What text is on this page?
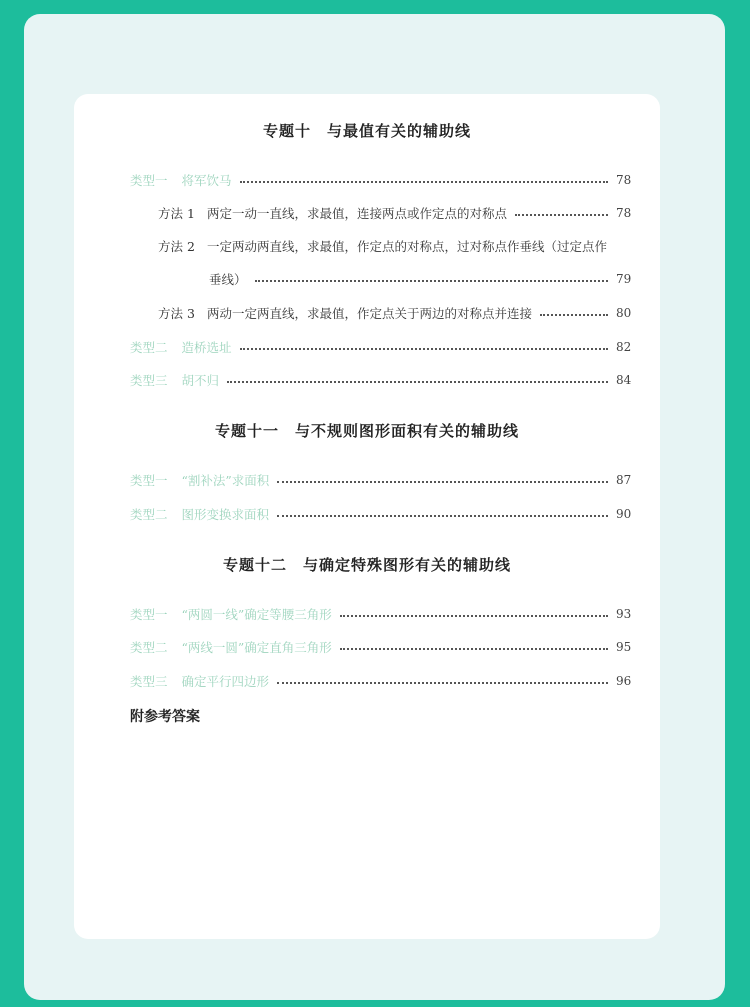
专题十　与最值有关的辅助线
类型一 将军饮马	78
方法 1 两定一动一直线，求最值，连接两点或作定点的对称点	78
方法 2 一定两动两直线，求最值，作定点的对称点，过对称点作垂线（过定点作
垂线）	79
方法 3 两动一定两直线，求最值，作定点关于两边的对称点并连接	80
类型二 造桥选址	82
类型三 胡不归	84
专题十一　与不规则图形面积有关的辅助线
类型一 “割补法”求面积	87
类型二 图形变换求面积	90
专题十二　与确定特殊图形有关的辅助线
类型一 “两圆一线”确定等腰三角形	93
类型二 “两线一圆”确定直角三角形	95
类型三 确定平行四边形	96
附参考答案
